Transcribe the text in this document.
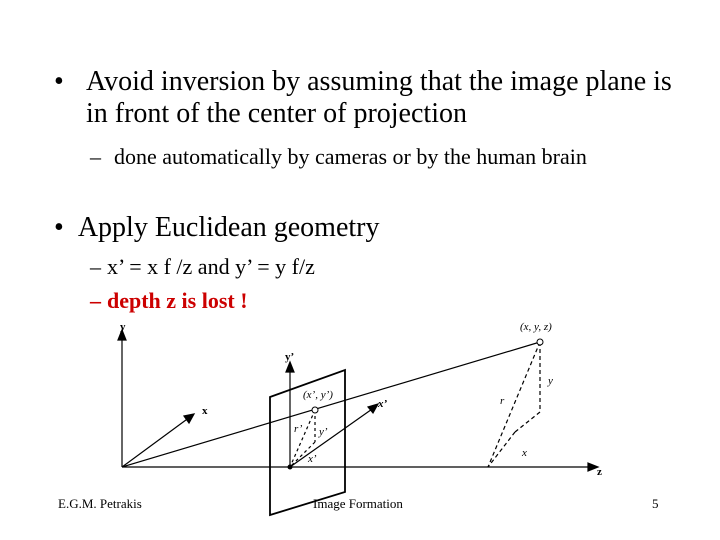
• Avoid inversion by assuming that the image plane is in front of the center of projection
– done automatically by cameras or by the human brain
• Apply Euclidean geometry
– x’ = x f /z and y’ = y f/z
– depth z is lost !
y
y’
x
z
(x, y, z)
(x’, y’)
x’	r
r’
y
x
y’
x’
E.G.M. Petrakis	Image Formation	5
